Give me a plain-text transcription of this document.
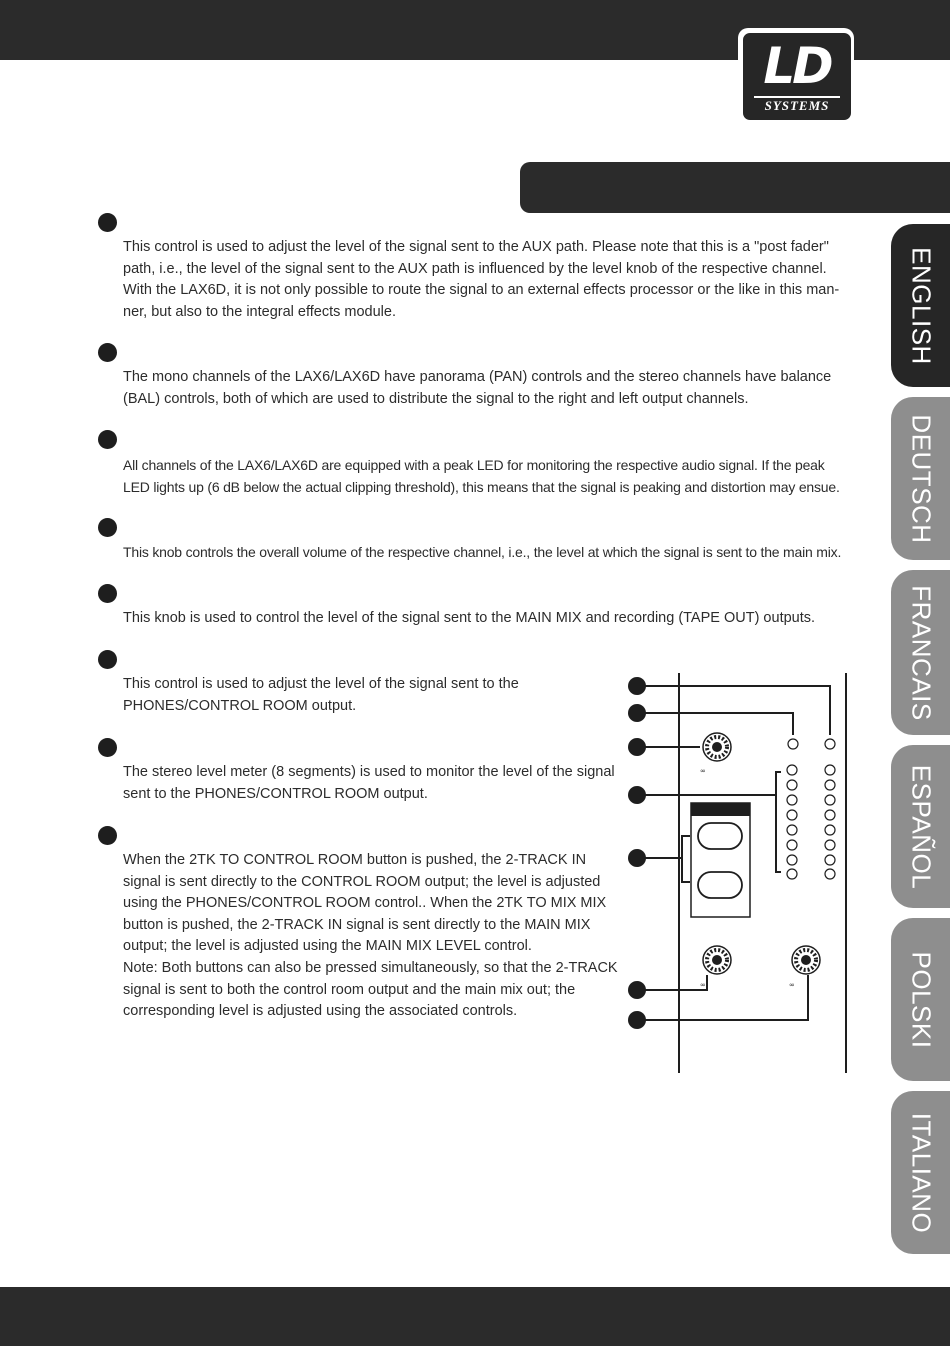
LD
SYSTEMS

This control is used to adjust the level of the signal sent to the AUX path. Please note that this is a "post fader" path, i.e., the level of the signal sent to the AUX path is influenced by the level knob of the respective channel. With the LAX6D, it is not only possible to route the signal to an external effects processor or the like in this man-ner, but also to the integral effects module.

The mono channels of the LAX6/LAX6D have panorama (PAN) controls and the stereo channels have balance (BAL) controls, both of which are used to distribute the signal to the right and left output channels.

All channels of the LAX6/LAX6D are equipped with a peak LED for monitoring the respective audio signal. If the peak LED lights up (6 dB below the actual clipping threshold), this means that the signal is peaking and distortion may ensue.

This knob controls the overall volume of the respective channel, i.e., the level at which the signal is sent to the main mix.

This knob is used to control the level of the signal sent to the MAIN MIX and recording (TAPE OUT) outputs.

This control is used to adjust the level of the signal sent to the PHONES/CONTROL ROOM output.

The stereo level meter (8 segments) is used to monitor the level of the signal sent to the PHONES/CONTROL ROOM output.

When the 2TK TO CONTROL ROOM button is pushed, the 2-TRACK IN signal is sent directly to the CONTROL ROOM output; the level is adjusted using the PHONES/CONTROL ROOM control.. When the 2TK TO MIX MIX button is pushed, the 2-TRACK IN signal is sent directly to the MAIN MIX output; the level is adjusted using the MAIN MIX LEVEL control.

Note: Both buttons can also be pressed simultaneously, so that the 2-TRACK signal is sent to both the control room output and the main mix out; the corresponding level is adjusted using the associated controls.

ENGLISH
DEUTSCH
FRANCAIS
ESPAÑOL
POLSKI
ITALIANO
∞
∞	∞
